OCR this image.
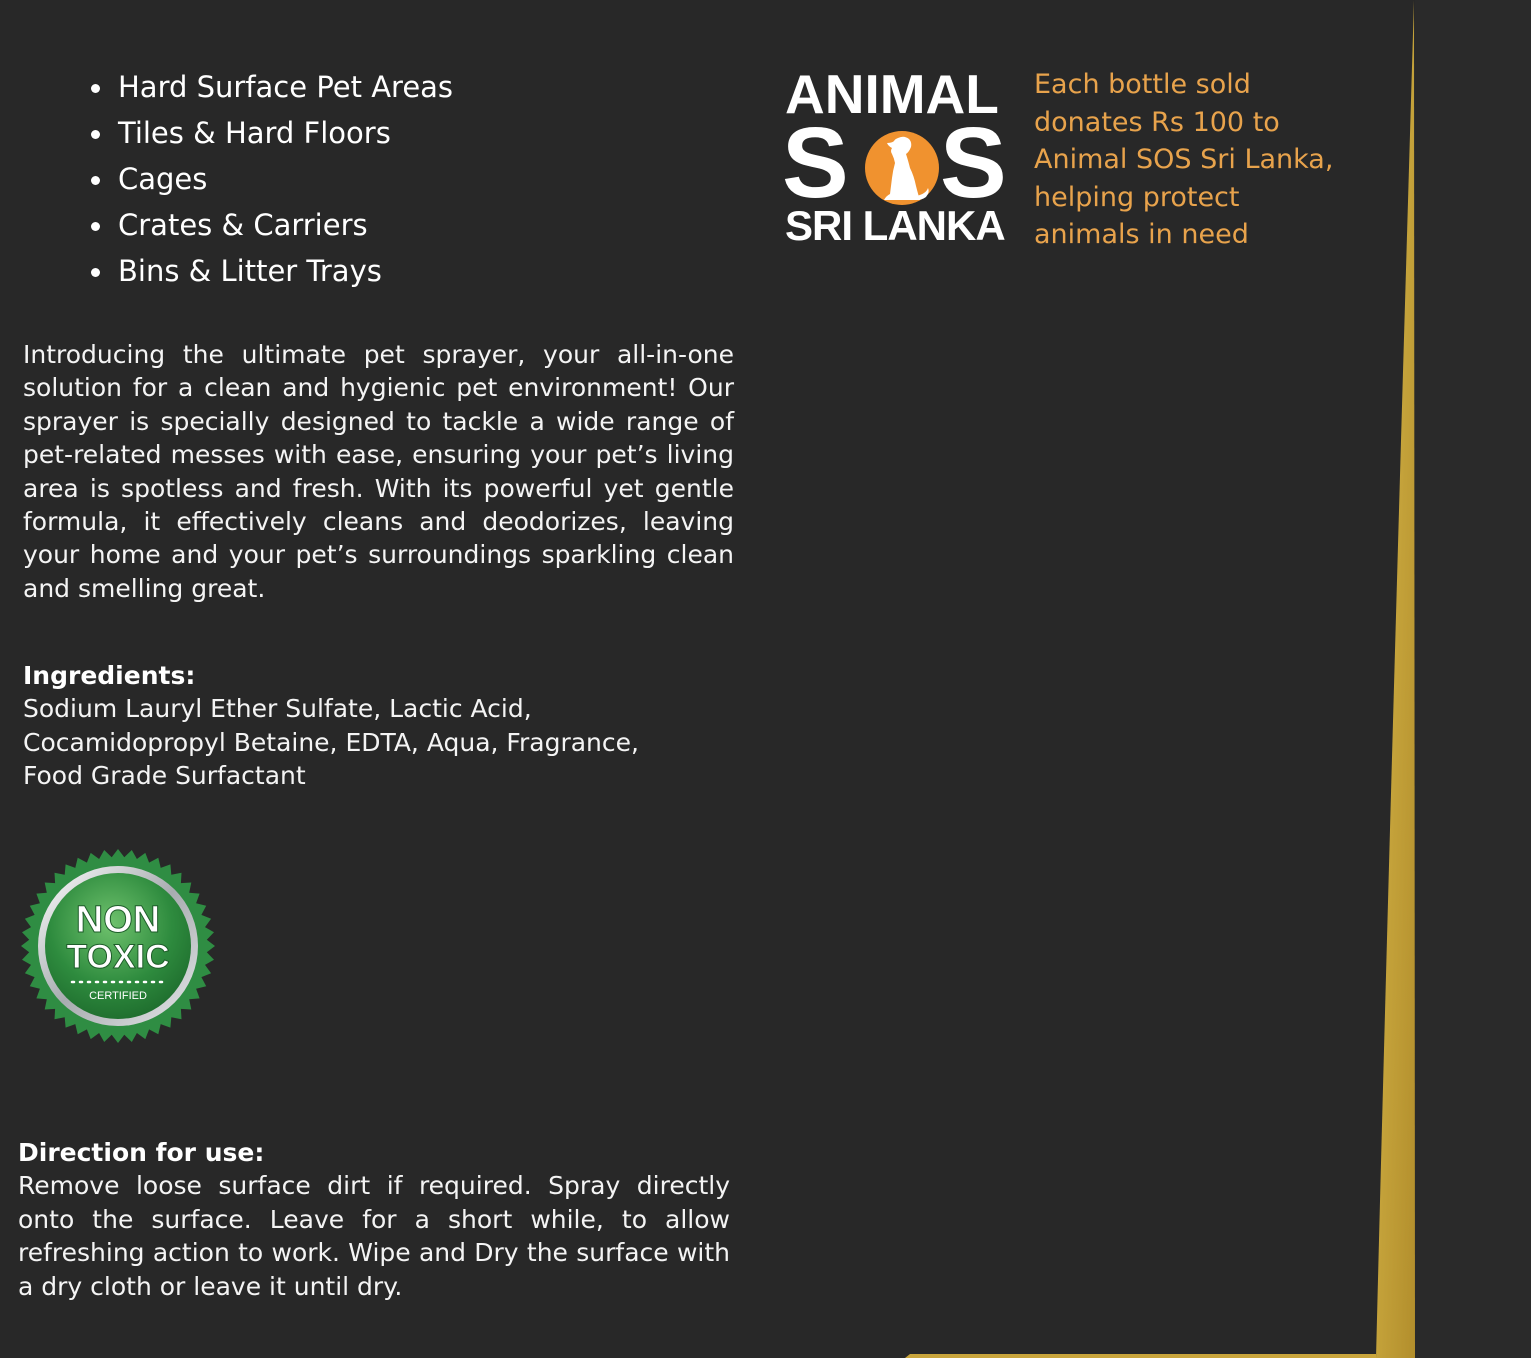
Hard Surface Pet Areas
Tiles & Hard Floors
Cages
Crates & Carriers
Bins & Litter Trays

Introducing the ultimate pet sprayer, your all-in-one solution for a clean and hygienic pet environment! Our sprayer is specially designed to tackle a wide range of pet-related messes with ease, ensuring your pet’s living area is spotless and fresh. With its powerful yet gentle formula, it effectively cleans and deodorizes, leaving your home and your pet’s surroundings sparkling clean and smelling great.

Ingredients:
Sodium Lauryl Ether Sulfate, Lactic Acid,
Cocamidopropyl Betaine, EDTA, Aqua, Fragrance,
Food Grade Surfactant
NON
TOXIC
CERTIFIED
Direction for use:
Remove loose surface dirt if required. Spray directly onto the surface. Leave for a short while, to allow refreshing action to work. Wipe and Dry the surface with a dry cloth or leave it until dry.
ANIMAL
S S
SRI LANKA
Each bottle sold
donates Rs 100 to
Animal SOS Sri Lanka,
helping protect
animals in need
